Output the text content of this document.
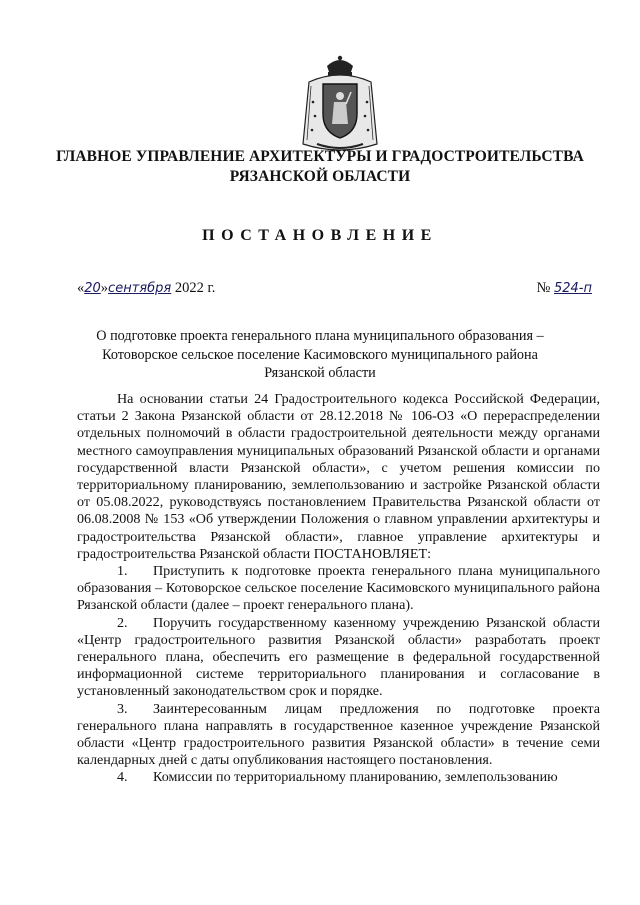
ГЛАВНОЕ УПРАВЛЕНИЕ АРХИТЕКТУРЫ И ГРАДОСТРОИТЕЛЬСТВА
РЯЗАНСКОЙ ОБЛАСТИ
ПОСТАНОВЛЕНИЕ
«20»сентября 2022 г.	№ 524-п
О подготовке проекта генерального плана муниципального образования –
Котоворское сельское поселение Касимовского муниципального района
Рязанской области

На основании статьи 24 Градостроительного кодекса Российской Федерации, статьи 2 Закона Рязанской области от 28.12.2018 № 106-ОЗ «О перераспределении отдельных полномочий в области градостроительной деятельности между органами местного самоуправления муниципальных образований Рязанской области и органами государственной власти Рязанской области», с учетом решения комиссии по территориальному планированию, землепользованию и застройке Рязанской области от 05.08.2022, руководствуясь постановлением Правительства Рязанской области от 06.08.2008 № 153 «Об утверждении Положения о главном управлении архитектуры и градостроительства Рязанской области», главное управление архитектуры и градостроительства Рязанской области ПОСТАНОВЛЯЕТ:

1. Приступить к подготовке проекта генерального плана муниципального образования – Котоворское сельское поселение Касимовского муниципального района Рязанской области (далее – проект генерального плана).

2. Поручить государственному казенному учреждению Рязанской области «Центр градостроительного развития Рязанской области» разработать проект генерального плана, обеспечить его размещение в федеральной государственной информационной системе территориального планирования и согласование в установленный законодательством срок и порядке.

3. Заинтересованным лицам предложения по подготовке проекта генерального плана направлять в государственное казенное учреждение Рязанской области «Центр градостроительного развития Рязанской области» в течение семи календарных дней с даты опубликования настоящего постановления.

4. Комиссии по территориальному планированию, землепользованию
